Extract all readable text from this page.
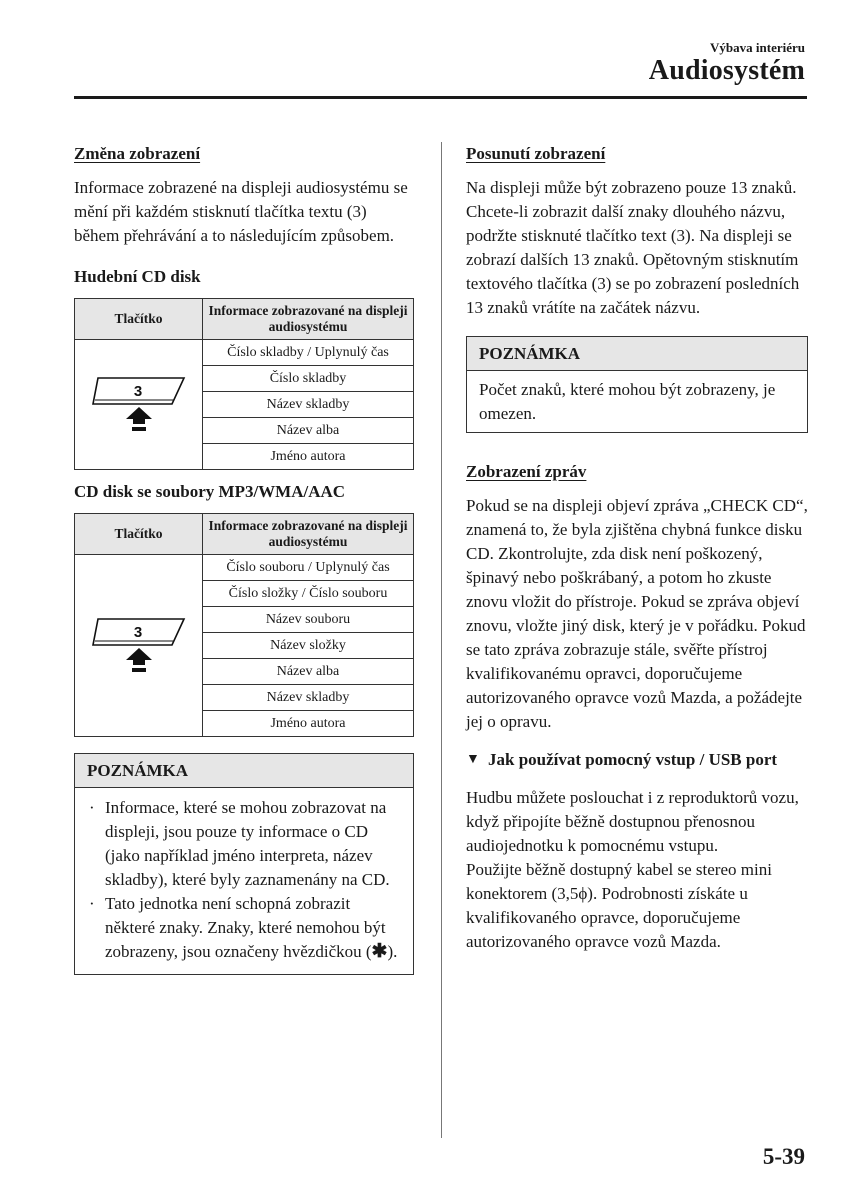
Výbava interiéru
Audiosystém

Změna zobrazení

Informace zobrazené na displeji audiosystému se mění při každém stisknutí tlačítka textu (3) během přehrávání a to následujícím způsobem.

Hudební CD disk

Tlačítko	Informace zobrazované na displeji audiosystému

3	Číslo skladby / Uplynulý čas
	Číslo skladby
	Název skladby
	Název alba
	Jméno autora

CD disk se soubory MP3/WMA/AAC

Tlačítko	Informace zobrazované na displeji audiosystému

3	Číslo souboru / Uplynulý čas
	Číslo složky / Číslo souboru
	Název souboru
	Název složky
	Název alba
	Název skladby
	Jméno autora
POZNÁMKA
· Informace, které se mohou zobrazovat na displeji, jsou pouze ty informace o CD (jako například jméno interpreta, název skladby), které byly zaznamenány na CD.
· Tato jednotka není schopná zobrazit některé znaky. Znaky, které nemohou být zobrazeny, jsou označeny hvězdičkou (✱).

Posunutí zobrazení

Na displeji může být zobrazeno pouze 13 znaků. Chcete-li zobrazit další znaky dlouhého názvu, podržte stisknuté tlačítko text (3). Na displeji se zobrazí dalších 13 znaků. Opětovným stisknutím textového tlačítka (3) se po zobrazení posledních 13 znaků vrátíte na začátek názvu.

POZNÁMKA
Počet znaků, které mohou být zobrazeny, je omezen.

Zobrazení zpráv

Pokud se na displeji objeví zpráva „CHECK CD“, znamená to, že byla zjištěna chybná funkce disku CD. Zkontrolujte, zda disk není poškozený, špinavý nebo poškrábaný, a potom ho zkuste znovu vložit do přístroje. Pokud se zpráva objeví znovu, vložte jiný disk, který je v pořádku. Pokud se tato zpráva zobrazuje stále, svěřte přístroj kvalifikovanému opravci, doporučujeme autorizovaného opravce vozů Mazda, a požádejte jej o opravu.

▼ Jak používat pomocný vstup / USB port

Hudbu můžete poslouchat i z reproduktorů vozu, když připojíte běžně dostupnou přenosnou audiojednotku k pomocnému vstupu.

Použijte běžně dostupný kabel se stereo mini konektorem (3,5ϕ). Podrobnosti získáte u kvalifikovaného opravce, doporučujeme autorizovaného opravce vozů Mazda.

5-39
